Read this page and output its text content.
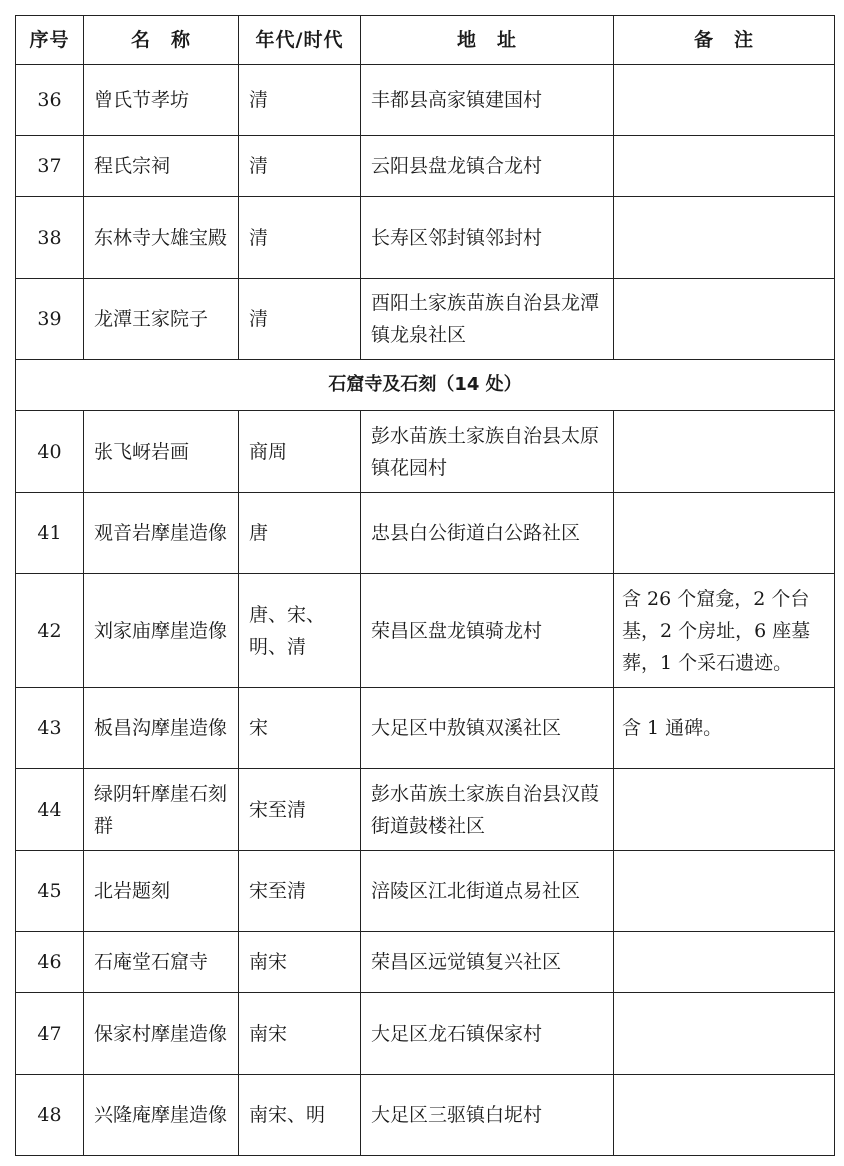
序号	名　称	年代/时代	地　址	备　注
36	曾氏节孝坊	清	丰都县高家镇建国村	
37	程氏宗祠	清	云阳县盘龙镇合龙村	
38	东林寺大雄宝殿	清	长寿区邻封镇邻封村	
39	龙潭王家院子	清	酉阳土家族苗族自治县龙潭镇龙泉社区	
石窟寺及石刻（14 处）				
40	张飞岈岩画	商周	彭水苗族土家族自治县太原镇花园村	
41	观音岩摩崖造像	唐	忠县白公街道白公路社区	
42	刘家庙摩崖造像	唐、宋、明、清	荣昌区盘龙镇骑龙村	含 26 个窟龛，2 个台基，2 个房址，6 座墓葬，1 个采石遗迹。
43	板昌沟摩崖造像	宋	大足区中敖镇双溪社区	含 1 通碑。
44	绿阴轩摩崖石刻群	宋至清	彭水苗族土家族自治县汉葭街道鼓楼社区	
45	北岩题刻	宋至清	涪陵区江北街道点易社区	
46	石庵堂石窟寺	南宋	荣昌区远觉镇复兴社区	
47	保家村摩崖造像	南宋	大足区龙石镇保家村	
48	兴隆庵摩崖造像	南宋、明	大足区三驱镇白坭村	
